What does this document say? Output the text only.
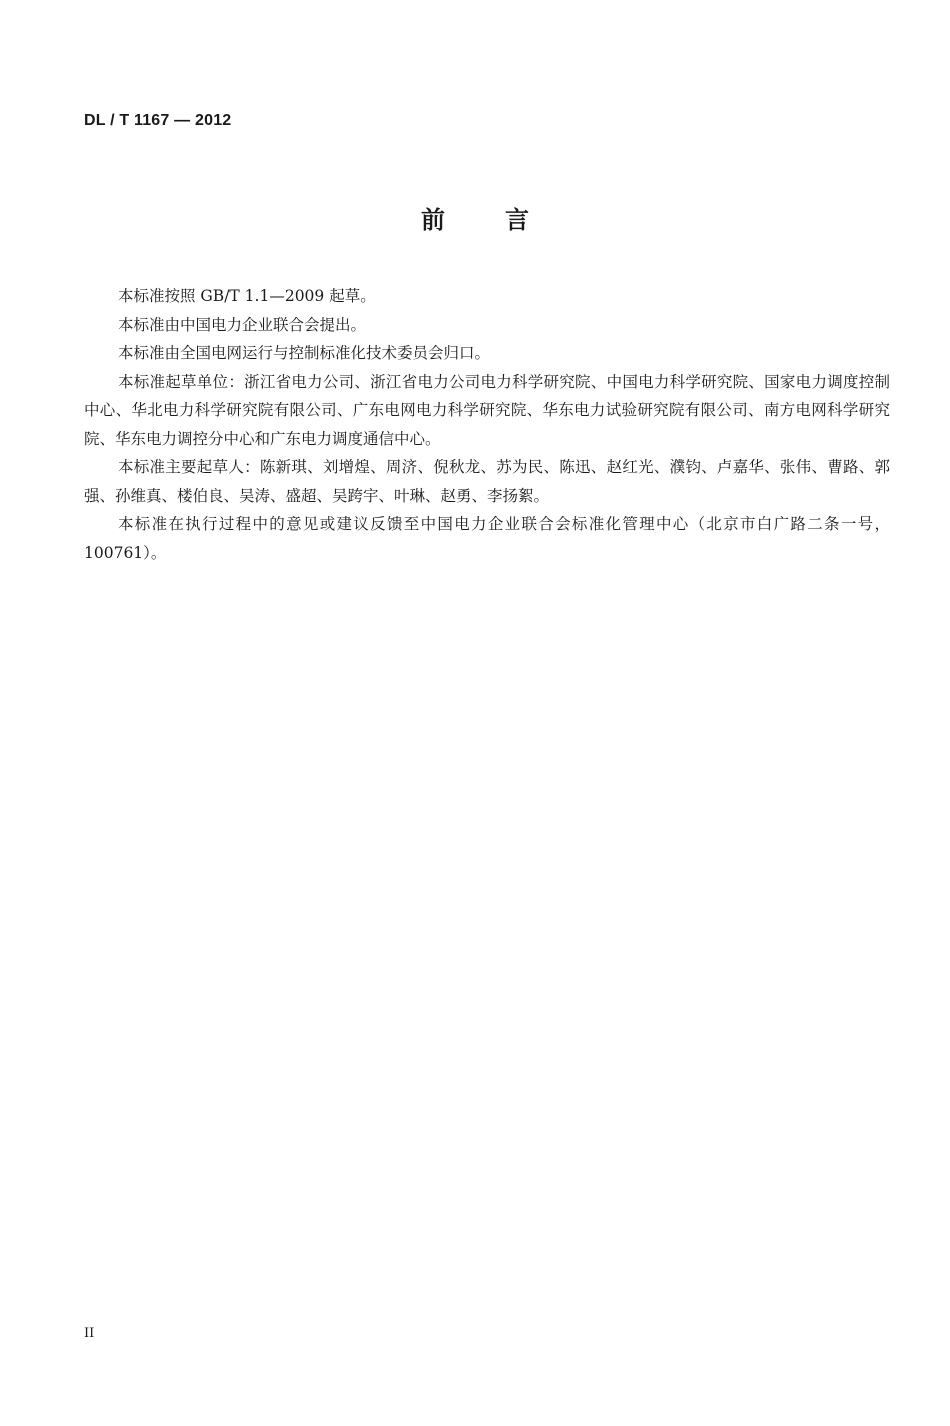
DL / T 1167 — 2012
前	言

本标准按照 GB/T 1.1—2009 起草。

本标准由中国电力企业联合会提出。

本标准由全国电网运行与控制标准化技术委员会归口。

本标准起草单位：浙江省电力公司、浙江省电力公司电力科学研究院、中国电力科学研究院、国家电力调度控制中心、华北电力科学研究院有限公司、广东电网电力科学研究院、华东电力试验研究院有限公司、南方电网科学研究院、华东电力调控分中心和广东电力调度通信中心。

本标准主要起草人：陈新琪、刘增煌、周济、倪秋龙、苏为民、陈迅、赵红光、濮钧、卢嘉华、张伟、曹路、郭强、孙维真、楼伯良、吴涛、盛超、吴跨宇、叶琳、赵勇、李扬絮。

本标准在执行过程中的意见或建议反馈至中国电力企业联合会标准化管理中心（北京市白广路二条一号，100761）。

II
